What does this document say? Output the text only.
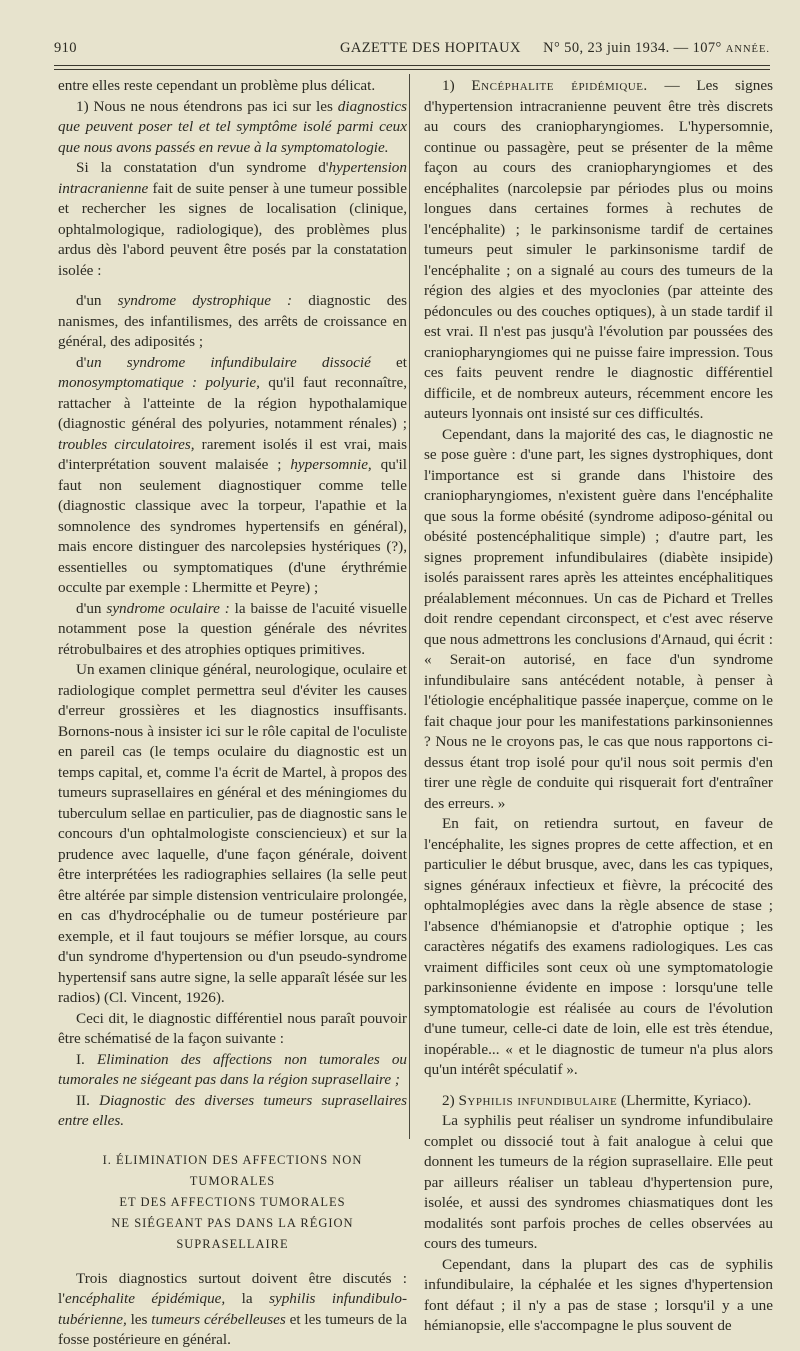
910	GAZETTE DES HOPITAUX N° 50, 23 juin 1934. — 107° ANNÉE.

entre elles reste cependant un problème plus délicat.

1) Nous ne nous étendrons pas ici sur les diagnostics que peuvent poser tel et tel symptôme isolé parmi ceux que nous avons passés en revue à la symptomatologie.

Si la constatation d'un syndrome d'hypertension intracranienne fait de suite penser à une tumeur possible et rechercher les signes de localisation (clinique, ophtalmologique, radiologique), des problèmes plus ardus dès l'abord peuvent être posés par la constatation isolée :

d'un syndrome dystrophique : diagnostic des nanismes, des infantilismes, des arrêts de croissance en général, des adiposités ;

d'un syndrome infundibulaire dissocié et monosymptomatique : polyurie, qu'il faut reconnaître, rattacher à l'atteinte de la région hypothalamique (diagnostic général des polyuries, notamment rénales) ; troubles circulatoires, rarement isolés il est vrai, mais d'interprétation souvent malaisée ; hypersomnie, qu'il faut non seulement diagnostiquer comme telle (diagnostic classique avec la torpeur, l'apathie et la somnolence des syndromes hypertensifs en général), mais encore distinguer des narcolepsies hystériques (?), essentielles ou symptomatiques (d'une érythrémie occulte par exemple : Lhermitte et Peyre) ;

d'un syndrome oculaire : la baisse de l'acuité visuelle notamment pose la question générale des névrites rétrobulbaires et des atrophies optiques primitives.

Un examen clinique général, neurologique, oculaire et radiologique complet permettra seul d'éviter les causes d'erreur grossières et les diagnostics insuffisants. Bornons-nous à insister ici sur le rôle capital de l'oculiste en pareil cas (le temps oculaire du diagnostic est un temps capital, et, comme l'a écrit de Martel, à propos des tumeurs suprasellaires en général et des méningiomes du tuberculum sellae en particulier, pas de diagnostic sans le concours d'un ophtalmologiste consciencieux) et sur la prudence avec laquelle, d'une façon générale, doivent être interprétées les radiographies sellaires (la selle peut être altérée par simple distension ventriculaire prolongée, en cas d'hydrocéphalie ou de tumeur postérieure par exemple, et il faut toujours se méfier lorsque, au cours d'un syndrome d'hypertension ou d'un pseudo-syndrome hypertensif sans autre signe, la selle apparaît lésée sur les radios) (Cl. Vincent, 1926).

Ceci dit, le diagnostic différentiel nous paraît pouvoir être schématisé de la façon suivante :

I. Elimination des affections non tumorales ou tumorales ne siégeant pas dans la région suprasellaire ;

II. Diagnostic des diverses tumeurs suprasellaires entre elles.

I. ÉLIMINATION DES AFFECTIONS NON TUMORALES
ET DES AFFECTIONS TUMORALES
NE SIÉGEANT PAS DANS LA RÉGION SUPRASELLAIRE

Trois diagnostics surtout doivent être discutés : l'encéphalite épidémique, la syphilis infundibulo-tubérienne, les tumeurs cérébelleuses et les tumeurs de la fosse postérieure en général.

1) Encéphalite épidémique. — Les signes d'hypertension intracranienne peuvent être très discrets au cours des craniopharyngiomes. L'hypersomnie, continue ou passagère, peut se présenter de la même façon au cours des craniopharyngiomes et des encéphalites (narcolepsie par périodes plus ou moins longues dans certaines formes à rechutes de l'encéphalite) ; le parkinsonisme tardif de certaines tumeurs peut simuler le parkinsonisme tardif de l'encéphalite ; on a signalé au cours des tumeurs de la région des algies et des myoclonies (par atteinte des pédoncules ou des couches optiques), à un stade tardif il est vrai. Il n'est pas jusqu'à l'évolution par poussées des craniopharyngiomes qui ne puisse faire impression. Tous ces faits peuvent rendre le diagnostic différentiel difficile, et de nombreux auteurs, récemment encore les auteurs lyonnais ont insisté sur ces difficultés.

Cependant, dans la majorité des cas, le diagnostic ne se pose guère : d'une part, les signes dystrophiques, dont l'importance est si grande dans l'histoire des craniopharyngiomes, n'existent guère dans l'encéphalite que sous la forme obésité (syndrome adiposo-génital ou obésité postencéphalitique simple) ; d'autre part, les signes proprement infundibulaires (diabète insipide) isolés paraissent rares après les atteintes encéphalitiques préalablement méconnues. Un cas de Pichard et Trelles doit rendre cependant circonspect, et c'est avec réserve que nous admettrons les conclusions d'Arnaud, qui écrit : « Serait-on autorisé, en face d'un syndrome infundibulaire sans antécédent notable, à penser à l'étiologie encéphalitique passée inaperçue, comme on le fait chaque jour pour les manifestations parkinsoniennes ? Nous ne le croyons pas, le cas que nous rapportons ci-dessus étant trop isolé pour qu'il nous soit permis d'en tirer une règle de conduite qui risquerait fort d'entraîner des erreurs. »

En fait, on retiendra surtout, en faveur de l'encéphalite, les signes propres de cette affection, et en particulier le début brusque, avec, dans les cas typiques, signes généraux infectieux et fièvre, la précocité des ophtalmoplégies avec dans la règle absence de stase ; l'absence d'hémianopsie et d'atrophie optique ; les caractères négatifs des examens radiologiques. Les cas vraiment difficiles sont ceux où une symptomatologie parkinsonienne évidente en impose : lorsqu'une telle symptomatologie est réalisée au cours de l'évolution d'une tumeur, celle-ci date de loin, elle est très étendue, inopérable... « et le diagnostic de tumeur n'a plus alors qu'un intérêt spéculatif ».

2) Syphilis infundibulaire (Lhermitte, Kyriaco).

La syphilis peut réaliser un syndrome infundibulaire complet ou dissocié tout à fait analogue à celui que donnent les tumeurs de la région suprasellaire. Elle peut par ailleurs réaliser un tableau d'hypertension pure, isolée, et aussi des syndromes chiasmatiques dont les modalités sont parfois proches de celles observées au cours des tumeurs.

Cependant, dans la plupart des cas de syphilis infundibulaire, la céphalée et les signes d'hypertension font défaut ; il n'y a pas de stase ; lorsqu'il y a une hémianopsie, elle s'accompagne le plus souvent de
